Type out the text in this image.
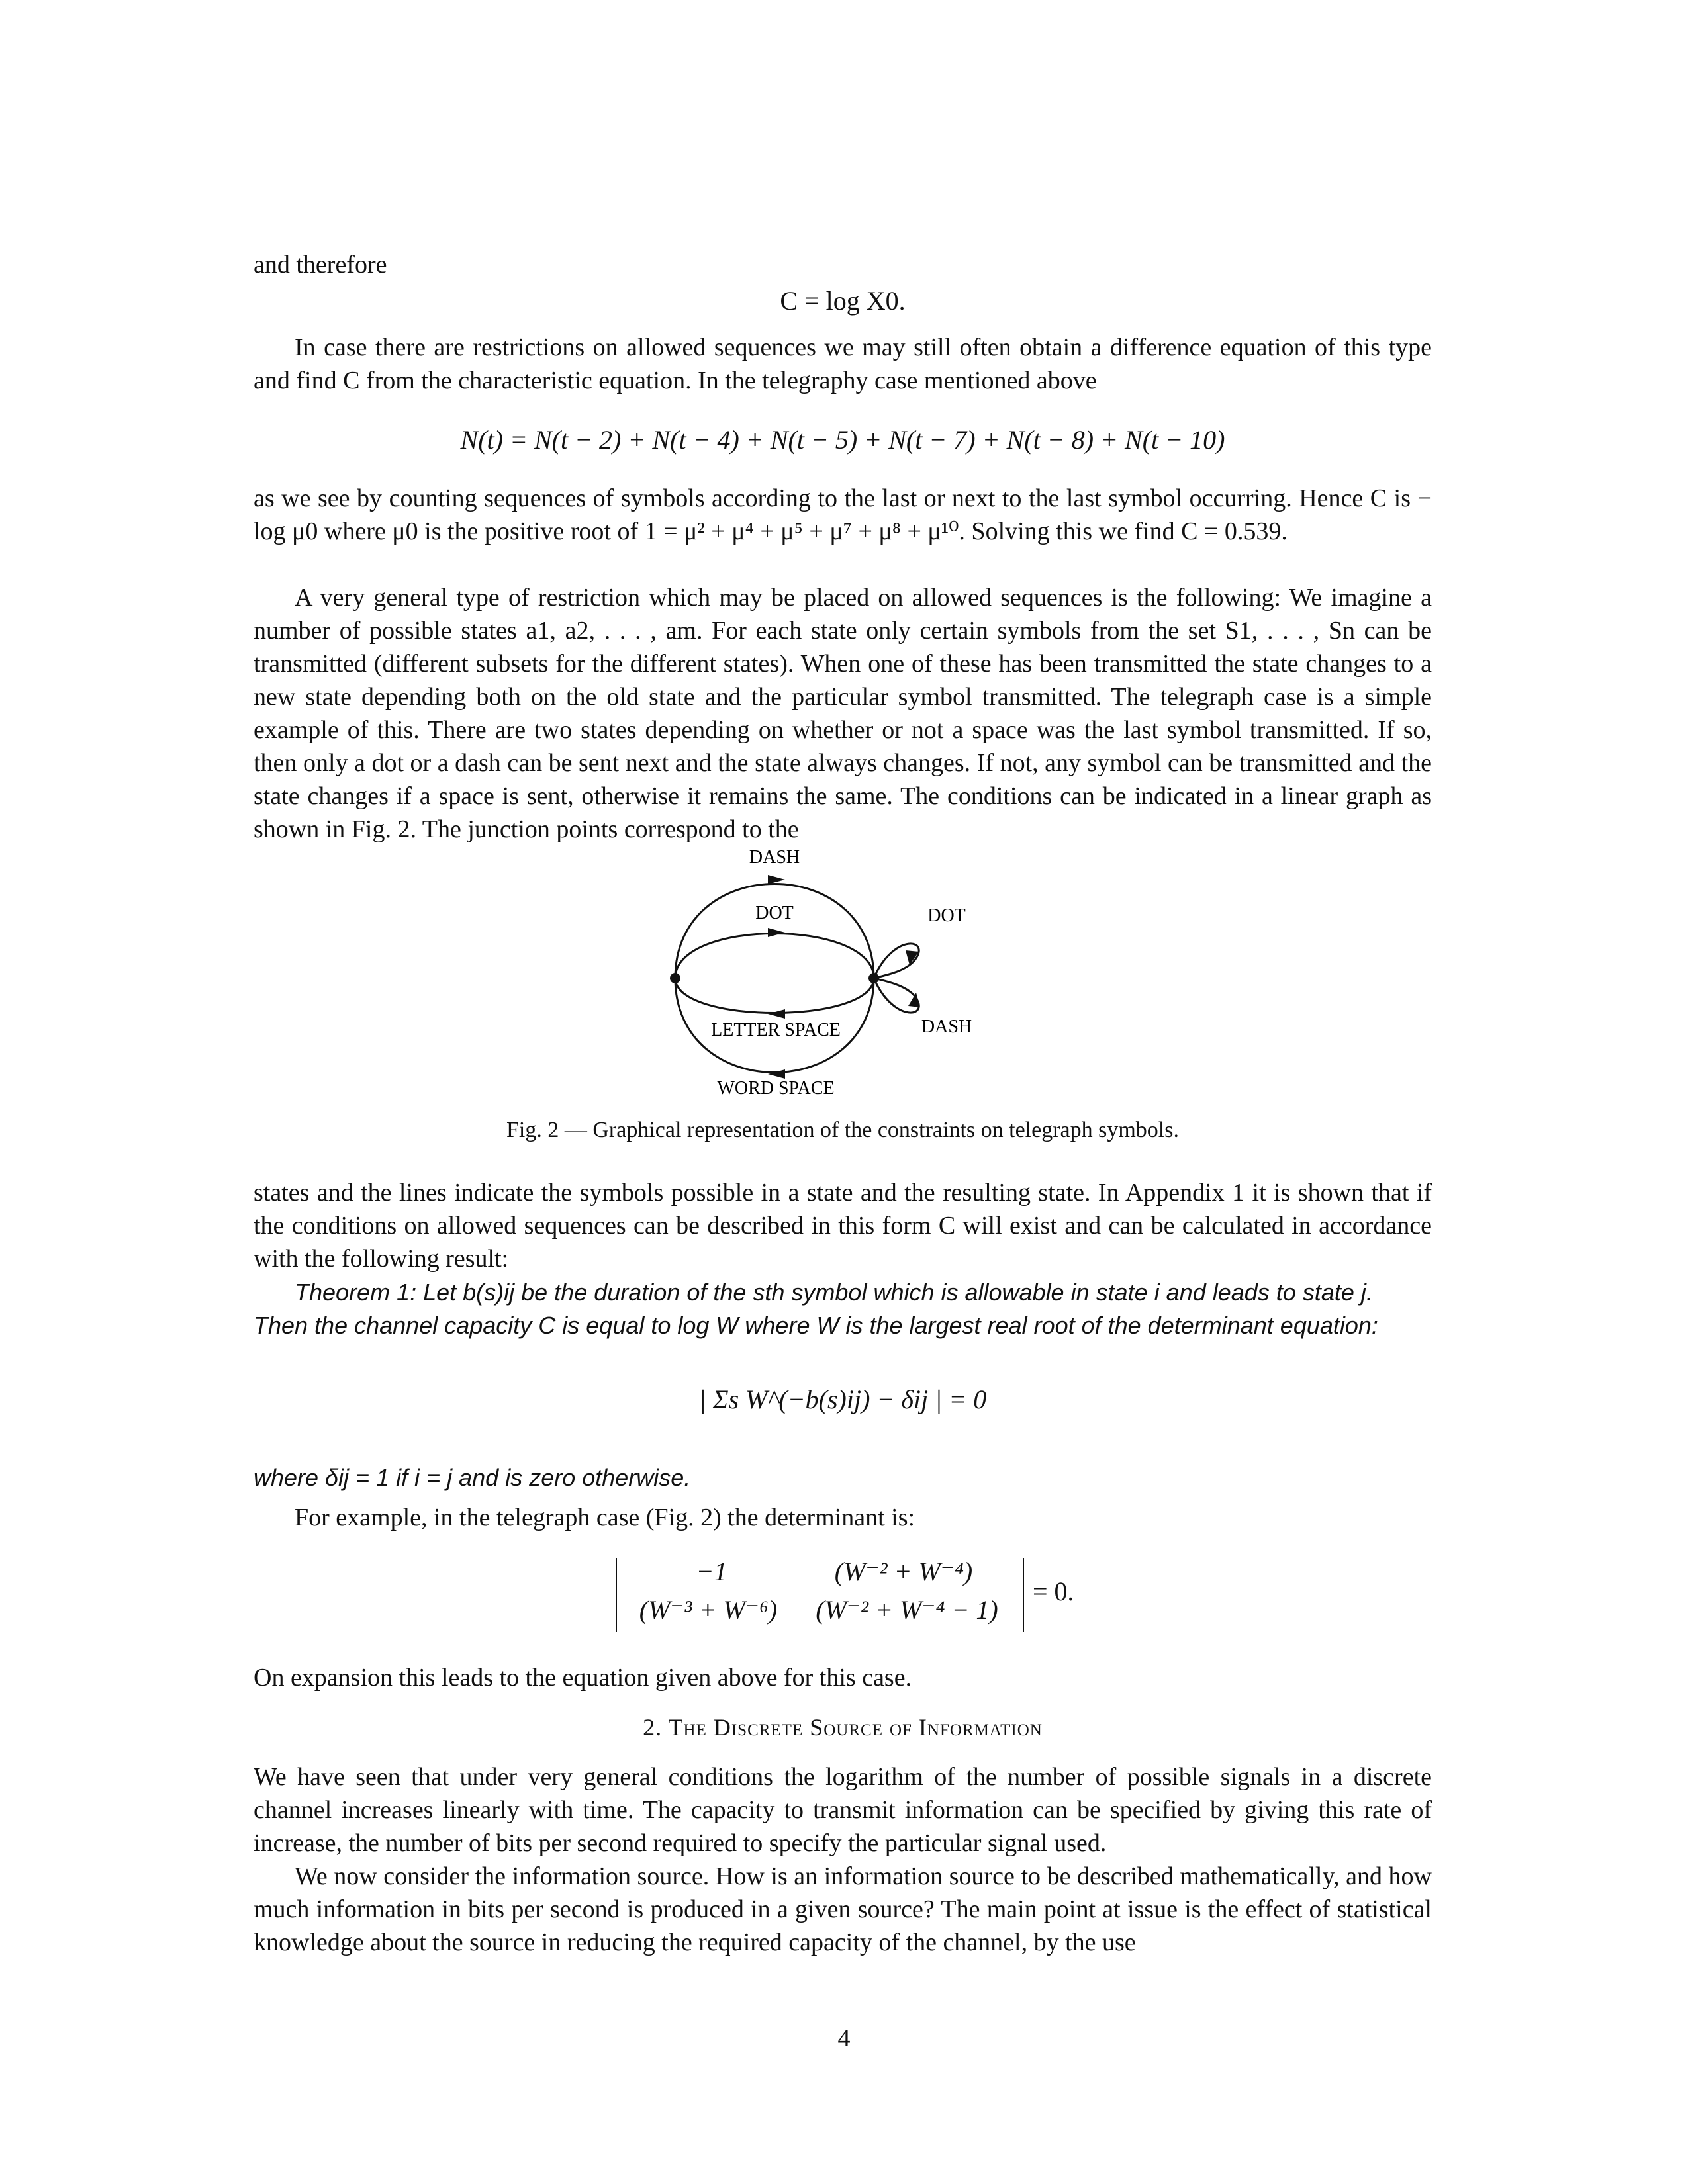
and therefore

C = log X0.

In case there are restrictions on allowed sequences we may still often obtain a difference equation of this type and find C from the characteristic equation. In the telegraphy case mentioned above

N(t) = N(t − 2) + N(t − 4) + N(t − 5) + N(t − 7) + N(t − 8) + N(t − 10)

as we see by counting sequences of symbols according to the last or next to the last symbol occurring. Hence C is − log μ0 where μ0 is the positive root of 1 = μ² + μ⁴ + μ⁵ + μ⁷ + μ⁸ + μ¹⁰. Solving this we find C = 0.539.

A very general type of restriction which may be placed on allowed sequences is the following: We imagine a number of possible states a1, a2, . . . , am. For each state only certain symbols from the set S1, . . . , Sn can be transmitted (different subsets for the different states). When one of these has been transmitted the state changes to a new state depending both on the old state and the particular symbol transmitted. The telegraph case is a simple example of this. There are two states depending on whether or not a space was the last symbol transmitted. If so, then only a dot or a dash can be sent next and the state always changes. If not, any symbol can be transmitted and the state changes if a space is sent, otherwise it remains the same. The conditions can be indicated in a linear graph as shown in Fig. 2. The junction points correspond to the

DASH
DOT	DOT
DASH
LETTER SPACE
WORD SPACE
Fig. 2 — Graphical representation of the constraints on telegraph symbols.

states and the lines indicate the symbols possible in a state and the resulting state. In Appendix 1 it is shown that if the conditions on allowed sequences can be described in this form C will exist and can be calculated in accordance with the following result:

Theorem 1: Let b(s)ij be the duration of the sth symbol which is allowable in state i and leads to state j.

Then the channel capacity C is equal to log W where W is the largest real root of the determinant equation:

| Σs W^(−b(s)ij) − δij | = 0

where δij = 1 if i = j and is zero otherwise.

For example, in the telegraph case (Fig. 2) the determinant is:

−1	(W⁻² + W⁻⁴)
(W⁻³ + W⁻⁶)	(W⁻² + W⁻⁴ − 1)
= 0.

On expansion this leads to the equation given above for this case.

2. The Discrete Source of Information

We have seen that under very general conditions the logarithm of the number of possible signals in a discrete channel increases linearly with time. The capacity to transmit information can be specified by giving this rate of increase, the number of bits per second required to specify the particular signal used.

We now consider the information source. How is an information source to be described mathematically, and how much information in bits per second is produced in a given source? The main point at issue is the effect of statistical knowledge about the source in reducing the required capacity of the channel, by the use

4
